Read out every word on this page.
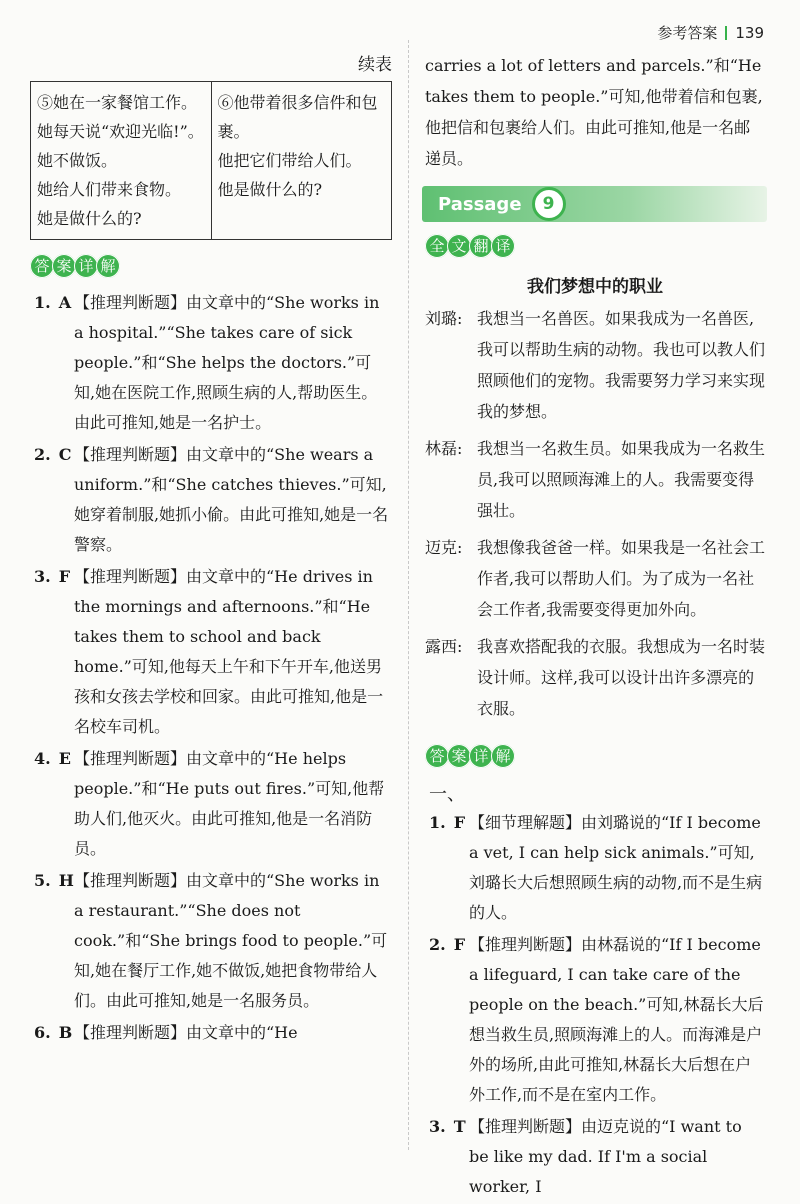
参考答案 139
续表
⑤她在一家餐馆工作。
她每天说“欢迎光临!”。
她不做饭。
她给人们带来食物。
她是做什么的?

⑥他带着很多信件和包裹。
他把它们带给人们。
他是做什么的?
答 案 详 解
1. A 【推理判断题】由文章中的“She works in a hospital.”“She takes care of sick people.”和“She helps the doctors.”可知,她在医院工作,照顾生病的人,帮助医生。由此可推知,她是一名护士。
2. C 【推理判断题】由文章中的“She wears a uniform.”和“She catches thieves.”可知,她穿着制服,她抓小偷。由此可推知,她是一名警察。
3. F 【推理判断题】由文章中的“He drives in the mornings and afternoons.”和“He takes them to school and back home.”可知,他每天上午和下午开车,他送男孩和女孩去学校和回家。由此可推知,他是一名校车司机。
4. E 【推理判断题】由文章中的“He helps people.”和“He puts out fires.”可知,他帮助人们,他灭火。由此可推知,他是一名消防员。
5. H 【推理判断题】由文章中的“She works in a restaurant.”“She does not cook.”和“She brings food to people.”可知,她在餐厅工作,她不做饭,她把食物带给人们。由此可推知,她是一名服务员。
6. B 【推理判断题】由文章中的“He
carries a lot of letters and parcels.”和“He takes them to people.”可知,他带着信和包裹,他把信和包裹给人们。由此可推知,他是一名邮递员。
Passage	9
全 文 翻 译
我们梦想中的职业
刘璐: 我想当一名兽医。如果我成为一名兽医,我可以帮助生病的动物。我也可以教人们照顾他们的宠物。我需要努力学习来实现我的梦想。
林磊: 我想当一名救生员。如果我成为一名救生员,我可以照顾海滩上的人。我需要变得强壮。
迈克: 我想像我爸爸一样。如果我是一名社会工作者,我可以帮助人们。为了成为一名社会工作者,我需要变得更加外向。
露西: 我喜欢搭配我的衣服。我想成为一名时装设计师。这样,我可以设计出许多漂亮的衣服。
答 案 详 解
一、
1. F 【细节理解题】由刘璐说的“If I become a vet, I can help sick animals.”可知,刘璐长大后想照顾生病的动物,而不是生病的人。
2. F 【推理判断题】由林磊说的“If I become a lifeguard, I can take care of the people on the beach.”可知,林磊长大后想当救生员,照顾海滩上的人。而海滩是户外的场所,由此可推知,林磊长大后想在户外工作,而不是在室内工作。
3. T 【推理判断题】由迈克说的“I want to be like my dad. If I'm a social worker, I
